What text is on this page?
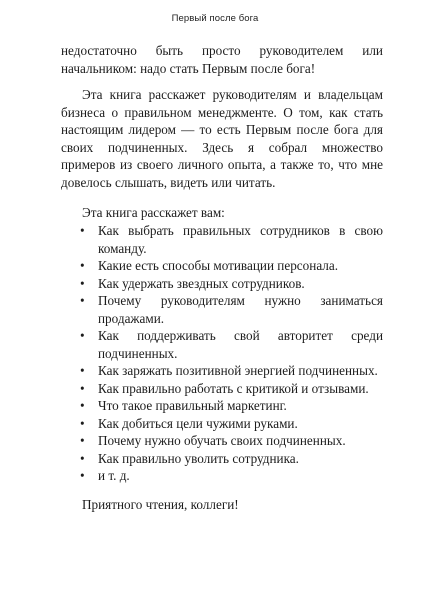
Первый после бога

недостаточно быть просто руководителем или начальником: надо стать Первым после бога!

Эта книга расскажет руководителям и владельцам бизнеса о правильном менеджменте. О том, как стать настоящим лидером — то есть Первым после бога для своих подчиненных. Здесь я собрал множество примеров из своего личного опыта, а также то, что мне довелось слышать, видеть или читать.

Эта книга расскажет вам:
• Как выбрать правильных сотрудников в свою команду.
• Какие есть способы мотивации персонала.
• Как удержать звездных сотрудников.
• Почему руководителям нужно заниматься продажами.
• Как поддерживать свой авторитет среди подчиненных.
• Как заряжать позитивной энергией подчиненных.
• Как правильно работать с критикой и отзывами.
• Что такое правильный маркетинг.
• Как добиться цели чужими руками.
• Почему нужно обучать своих подчиненных.
• Как правильно уволить сотрудника.
• и т. д.
Приятного чтения, коллеги!
